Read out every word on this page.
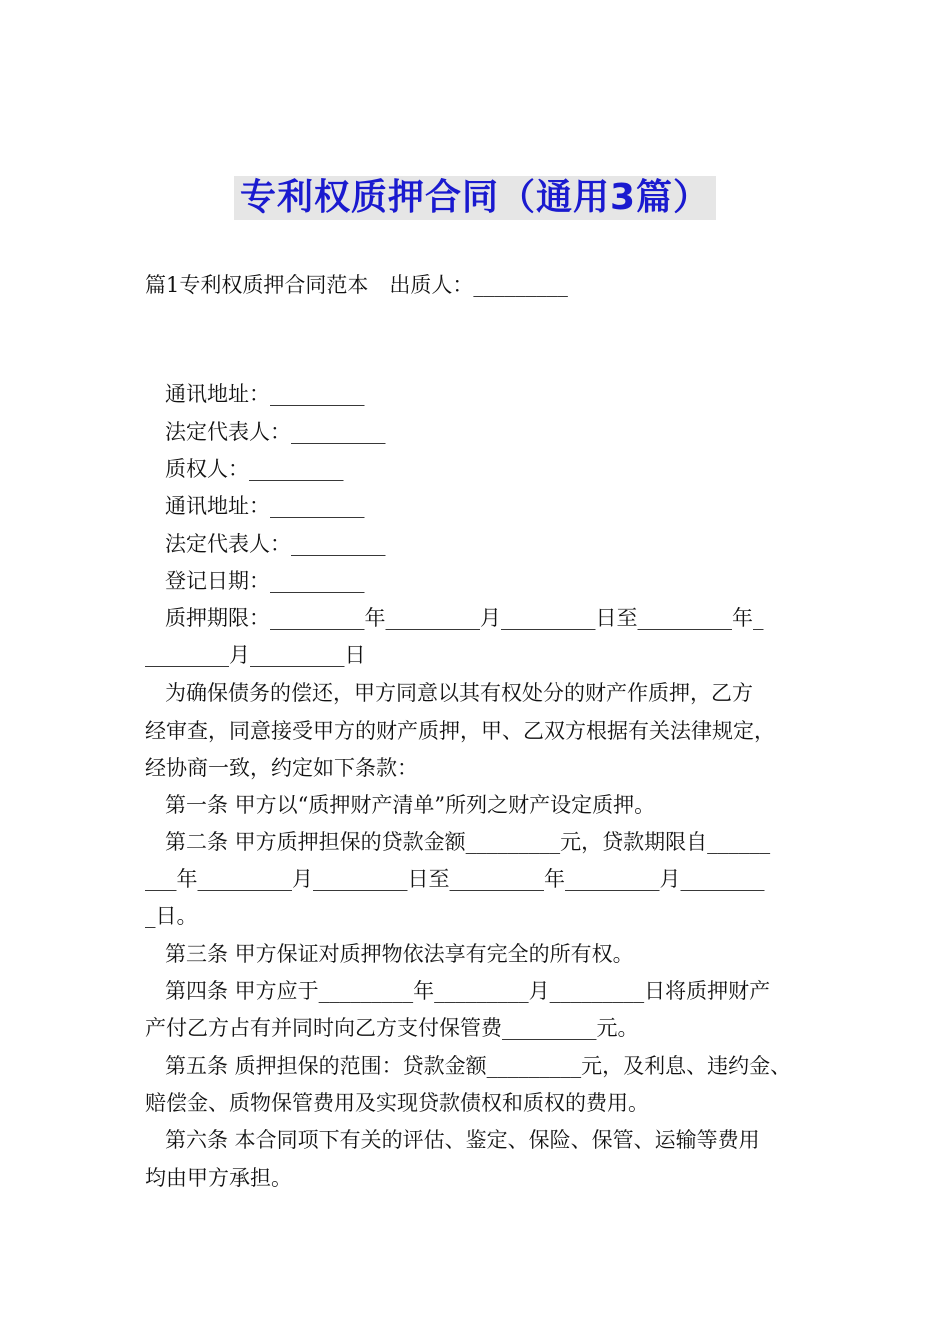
专利权质押合同（通用3篇）
篇1专利权质押合同范本　出质人：_________
通讯地址：_________
法定代表人：_________
质权人：_________
通讯地址：_________
法定代表人：_________
登记日期：_________
质押期限：_________年_________月_________日至_________年_
________月_________日
为确保债务的偿还，甲方同意以其有权处分的财产作质押，乙方
经审查，同意接受甲方的财产质押，甲、乙双方根据有关法律规定，
经协商一致，约定如下条款：
第一条 甲方以“质押财产清单”所列之财产设定质押。
第二条 甲方质押担保的贷款金额_________元，贷款期限自______
___年_________月_________日至_________年_________月________
_日。
第三条 甲方保证对质押物依法享有完全的所有权。
第四条 甲方应于_________年_________月_________日将质押财产
产付乙方占有并同时向乙方支付保管费_________元。
第五条 质押担保的范围：贷款金额_________元，及利息、违约金、
赔偿金、质物保管费用及实现贷款债权和质权的费用。
第六条 本合同项下有关的评估、鉴定、保险、保管、运输等费用
均由甲方承担。
